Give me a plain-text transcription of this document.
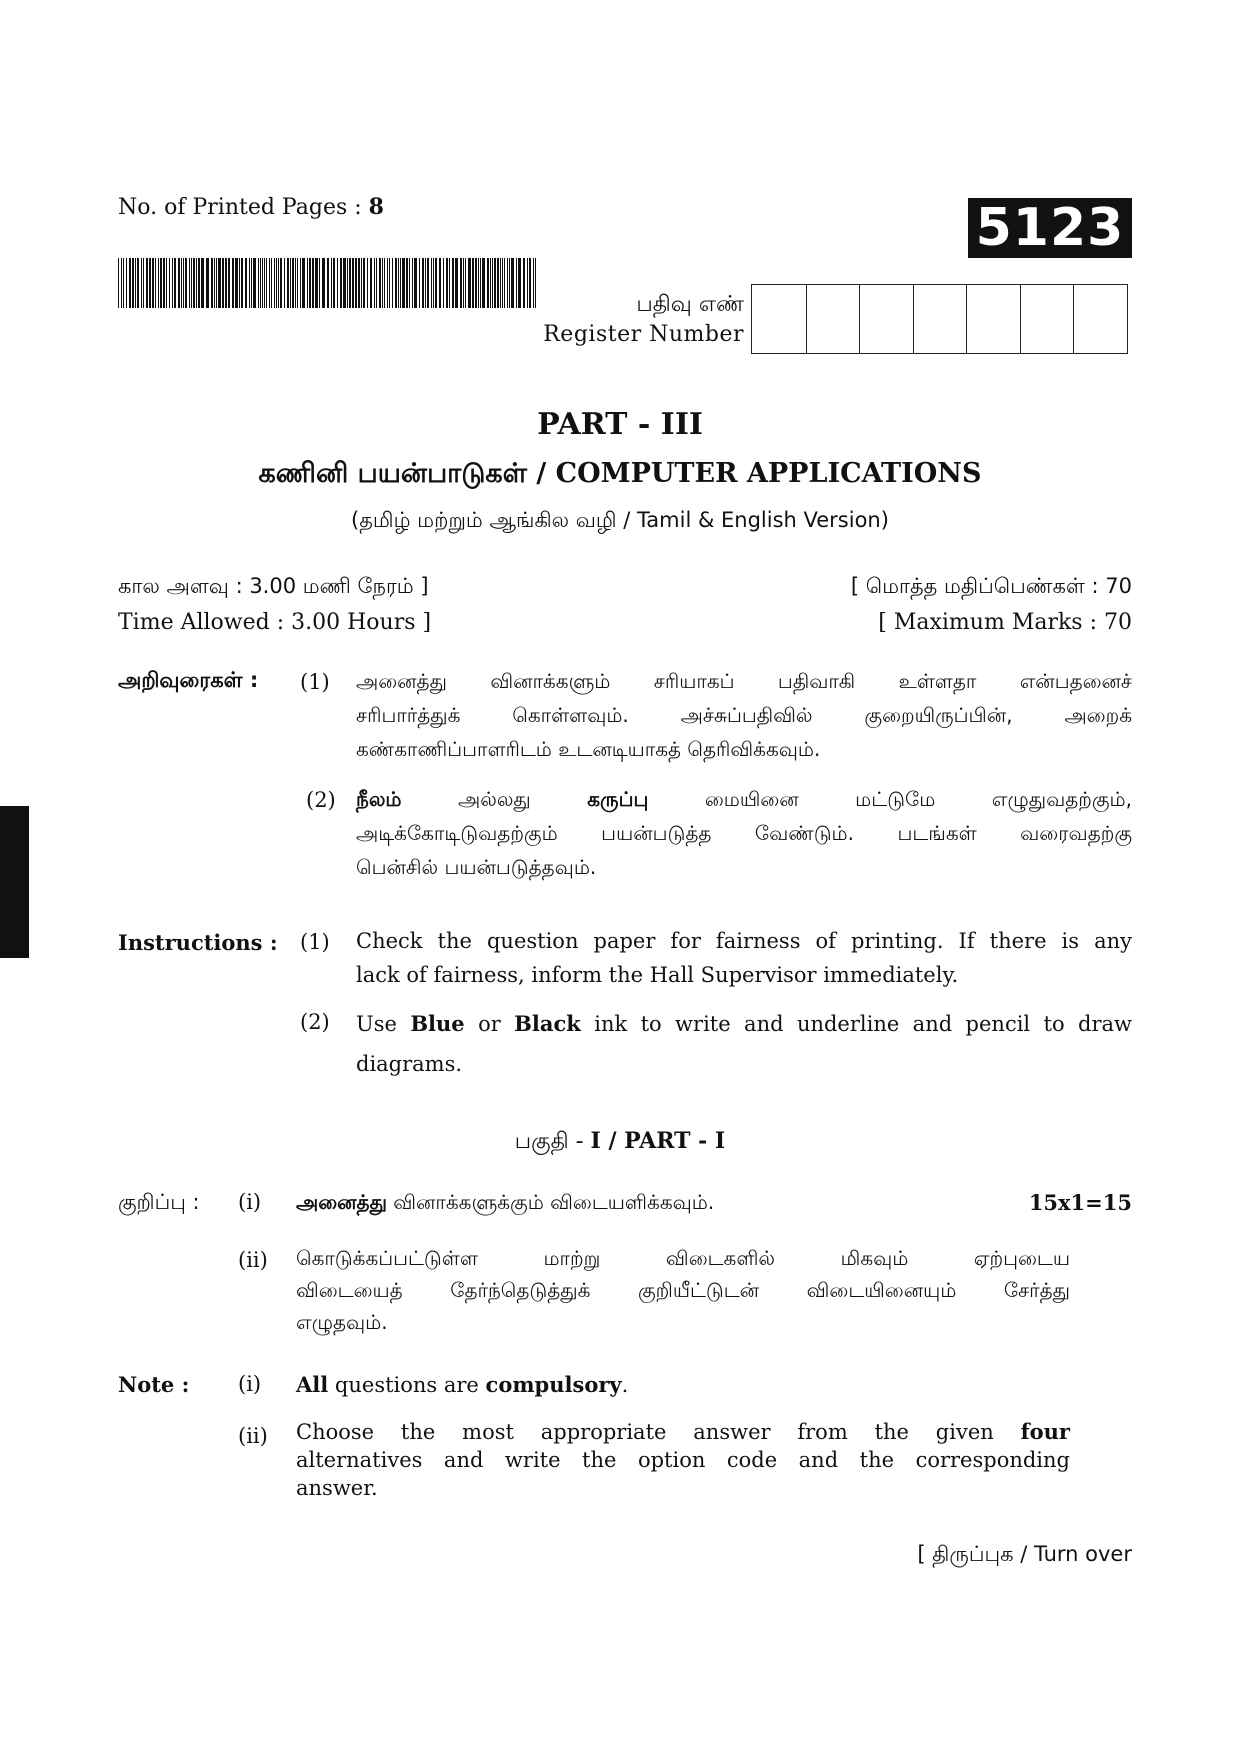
No. of Printed Pages : 8	5123
பதிவு எண்
Register Number
PART - III
கணினி பயன்பாடுகள் / COMPUTER APPLICATIONS
(தமிழ் மற்றும் ஆங்கில வழி / Tamil & English Version)
கால அளவு : 3.00 மணி நேரம் ]
Time Allowed : 3.00 Hours ]
[ மொத்த மதிப்பெண்கள் : 70
[ Maximum Marks : 70
அறிவுரைகள் : (1) அனைத்து வினாக்களும் சரியாகப் பதிவாகி உள்ளதா என்பதனைச்
சரிபார்த்துக் கொள்ளவும். அச்சுப்பதிவில் குறையிருப்பின், அறைக்
கண்காணிப்பாளரிடம் உடனடியாகத் தெரிவிக்கவும்.
(2) நீலம் அல்லது கருப்பு மையினை மட்டுமே எழுதுவதற்கும்,
அடிக்கோடிடுவதற்கும் பயன்படுத்த வேண்டும். படங்கள் வரைவதற்கு
பென்சில் பயன்படுத்தவும்.
Instructions : (1) Check the question paper for fairness of printing. If there is any
lack of fairness, inform the Hall Supervisor immediately.
(2) Use Blue or Black ink to write and underline and pencil to draw
diagrams.
பகுதி - I / PART - I
குறிப்பு : (i) அனைத்து வினாக்களுக்கும் விடையளிக்கவும்.	15x1=15
(ii) கொடுக்கப்பட்டுள்ள மாற்று விடைகளில் மிகவும் ஏற்புடைய
விடையைத் தேர்ந்தெடுத்துக் குறியீட்டுடன் விடையினையும் சேர்த்து
எழுதவும்.
Note : (i) All questions are compulsory.
(ii) Choose the most appropriate answer from the given four
alternatives and write the option code and the corresponding
answer.
[ திருப்புக / Turn over
